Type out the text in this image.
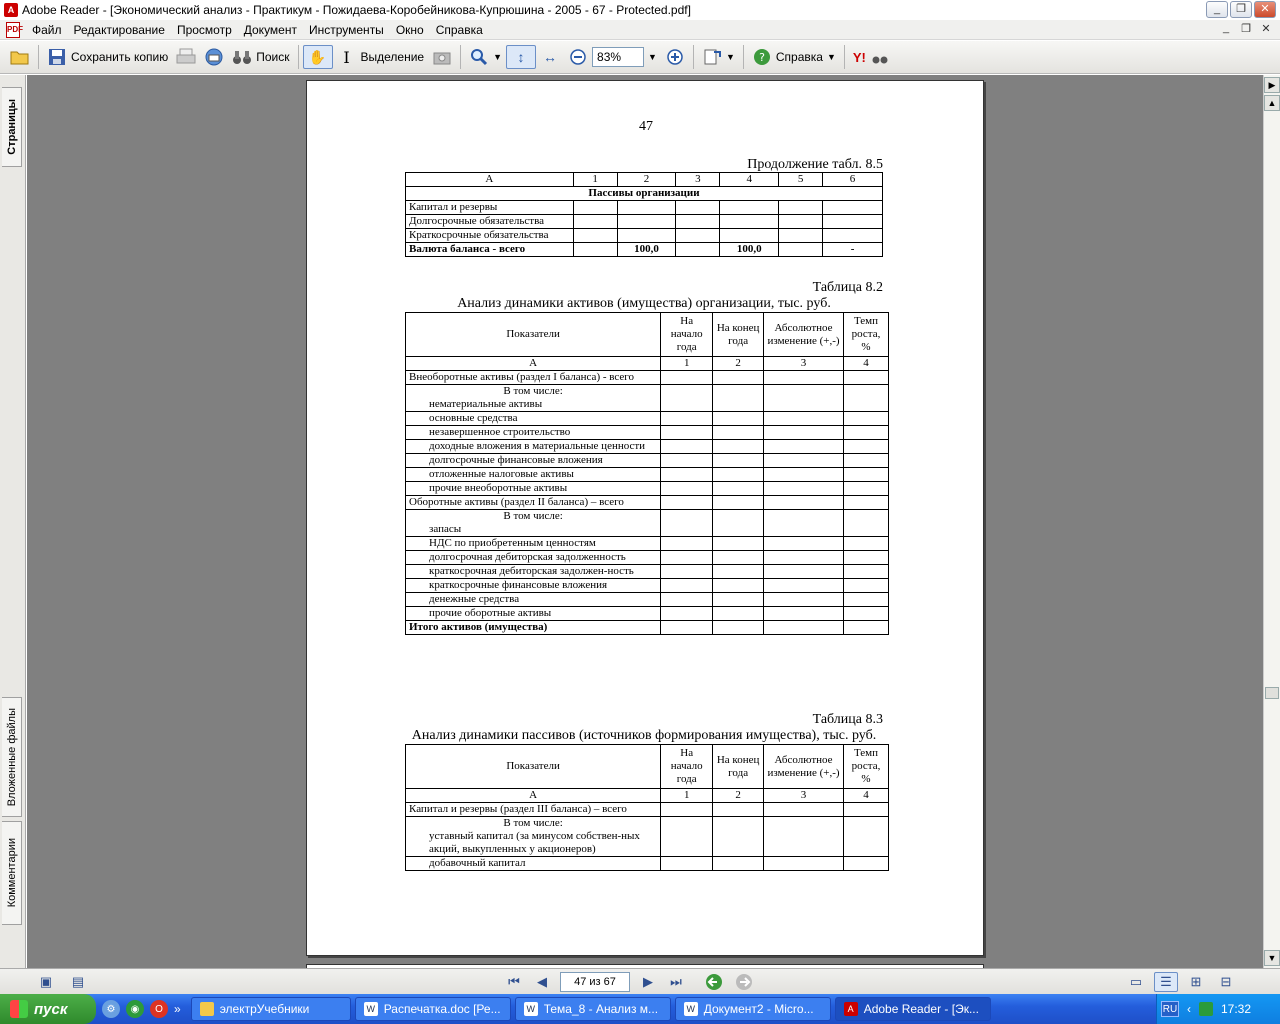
A Adobe Reader - [Экономический анализ - Практикум - Пожидаева-Коробейникова-Купрюшина - 2005 - 67 - Protected.pdf]	_	❐	✕
PDF Файл	Редактирование	Просмотр	Документ	Инструменты	Окно	Справка	_	❐ ✕
Сохранить копию	Поиск ✋	I Выделение	▼	↕	↔
83%	▼	▼ ? Справка ▼ Y!
Страницы
Вложенные файлы
Комментарии
47
Продолжение табл. 8.5
А	1	2	3	4	5	6
Пассивы организации						
Капитал и резервы						
Долгосрочные обязательства						
Краткосрочные обязательства						
Валюта баланса - всего		100,0		100,0		-
Таблица 8.2
Анализ динамики активов (имущества) организации, тыс. руб.
Показатели	На начало года	На конец года	Абсолютное изменение (+,-)	Темп роста, %
А	1	2	3	4
Внеоборотные активы (раздел I баланса) - всего				

В том числе:
нематериальные активы				

основные средства				
незавершенное строительство				
доходные вложения в материальные ценности				
долгосрочные финансовые вложения				
отложенные налоговые активы				
прочие внеоборотные активы				
Оборотные активы (раздел II баланса) – всего				

В том числе:
запасы				

НДС по приобретенным ценностям				
долгосрочная дебиторская задолженность				
краткосрочная дебиторская задолжен-ность				
краткосрочные финансовые вложения				
денежные средства				
прочие оборотные активы				
Итого активов (имущества)				
Таблица 8.3
Анализ динамики пассивов (источников формирования имущества), тыс. руб.
Показатели	На начало года	На конец года	Абсолютное изменение (+,-)	Темп роста, %
А	1	2	3	4
Капитал и резервы (раздел III баланса) – всего				

В том числе:
уставный капитал (за минусом собствен-ных акций, выкупленных у акционеров)				

добавочный капитал				
▶
▲
▼
▣ ▤	⏮ ◀	47 из 67	▶ ⏭	▭ ☰ ⊞ ⊟
пуск	⚙	◉	O »	электрУчебники	W Распечатка.doc [Ре...	W Тема_8 - Анализ м...	W Документ2 - Micro...	A Adobe Reader - [Эк...	RU ‹	17:32
